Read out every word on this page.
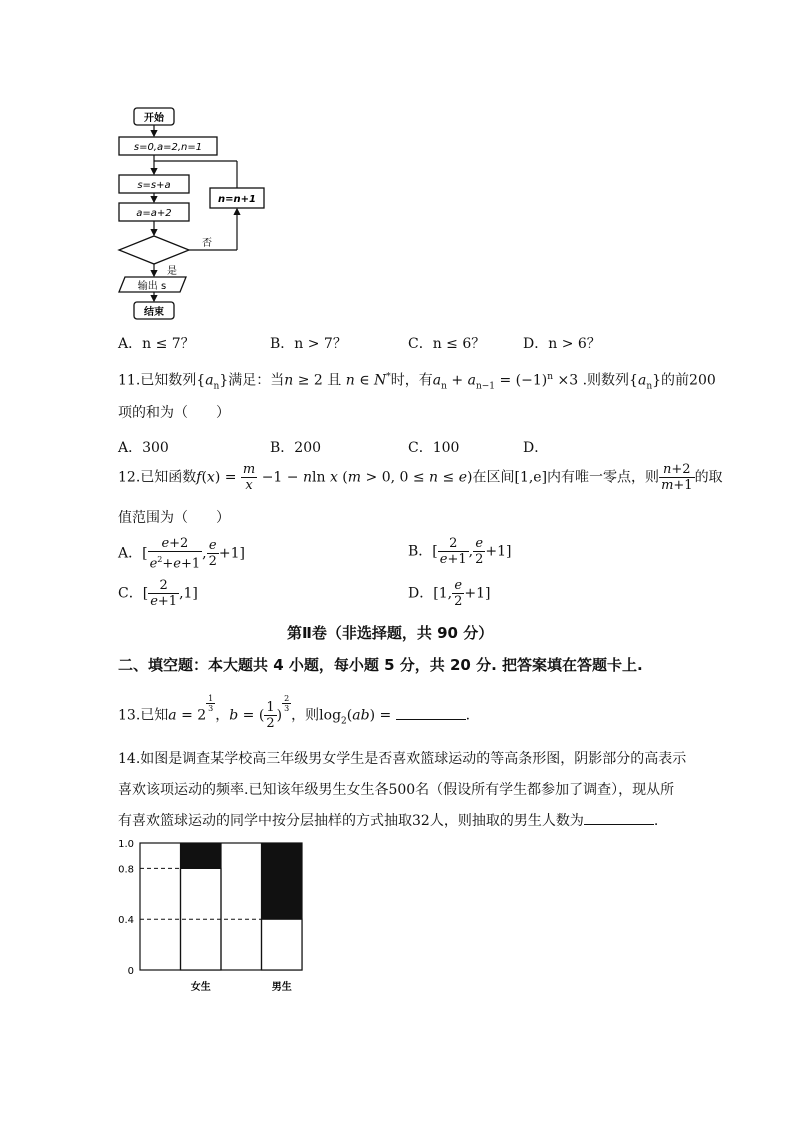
开始
s=0,a=2,n=1
s=s+a
a=a+2
否
n=n+1
是
输出 s
结束
A．n ≤ 7？	B．n > 7？	C．n ≤ 6？	D．n > 6？
11.已知数列$\{a_n\}$满足：当n ≥ 2 且 n ∈ N*时，有$a_n + a_{n-1} = (-1)^n \times 3$ .则数列$\{a_n\}$的前200
项的和为（　　）
A．300	B．200	C．100	D．
12.已知函数$f(x) = \frac{m}{x} -1 - nln$ x (m > 0, 0 ≤ n ≤ e)在区间[1,e]内有唯一零点，则 $\frac{n+2}{m+1}$ 的取
值范围为（　　）
A．[ $\frac{e+2}{e^2+e+1}$ , $\frac{e}{2} +1$]	B．[ $\frac{2}{e+1}$ , $\frac{e}{2} +1$]
C．[ $\frac{2}{e+1} ,1$]	D．[1, $\frac{e}{2} +1$]
第Ⅱ卷（非选择题，共 90 分）
二、填空题：本大题共 4 小题，每小题 5 分，共 20 分. 把答案填在答题卡上.
13.已知a = 2
$^{\frac{1}{3}}$
，b = ( $\frac{1}{2}$ )
$^{\frac{2}{3}}$
，则$\log_2(ab)$ =	.
14.如图是调查某学校高三年级男女学生是否喜欢篮球运动的等高条形图，阴影部分的高表示
喜欢该项运动的频率.已知该年级男生女生各500名（假设所有学生都参加了调查），现从所
有喜欢篮球运动的同学中按分层抽样的方式抽取32人，则抽取的男生人数为	.
女生	男生
1.0
0.8
0.4
0
